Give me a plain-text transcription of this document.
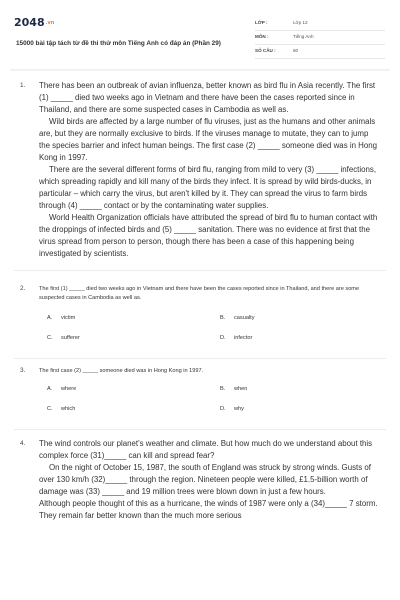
2048.vn
15000 bài tập tách từ đề thi thử môn Tiếng Anh có đáp án (Phần 29)
LỚP :	Lớp 12
MÔN :	Tiếng Anh
SỐ CÂU :	60
1. There has been an outbreak of avian influenza, better known as bird flu in Asia recently. The first (1) _____ died two weeks ago in Vietnam and there have been the cases reported since in Thailand, and there are some suspected cases in Cambodia as well as.

Wild birds are affected by a large number of flu viruses, just as the humans and other animals are, but they are normally exclusive to birds. If the viruses manage to mutate, they can to jump the species barrier and infect human beings. The first case (2) _____ someone died was in Hong Kong in 1997.

There are the several different forms of bird flu, ranging from mild to very (3) _____ infections, which spreading rapidly and kill many of the birds they infect. It is spread by wild birds-ducks, in particular – which carry the virus, but aren't killed by it. They can spread the virus to farm birds through (4) _____ contact or by the contaminating water supplies.

World Health Organization officials have attributed the spread of bird flu to human contact with the droppings of infected birds and (5) _____ sanitation. There was no evidence at first that the virus spread from person to person, though there has been a case of this happening being investigated by scientists.

2. The first (1) _____ died two weeks ago in Vietnam and there have been the cases reported since in Thailand, and there are some suspected cases in Cambodia as well as.
A. victim	B. casualty
C. sufferer	D. infector
3. The first case (2) _____ someone died was in Hong Kong in 1997.
A. where	B. when
C. which	D. why
4. The wind controls our planet's weather and climate. But how much do we understand about this complex force (31)_____ can kill and spread fear?

On the night of October 15, 1987, the south of England was struck by strong winds. Gusts of over 130 km/h (32)_____ through the region. Nineteen people were killed, £1.5-billion worth of damage was (33) _____ and 19 million trees were blown down in just a few hours.

Although people thought of this as a hurricane, the winds of 1987 were only a (34)_____ 7 storm. They remain far better known than the much more serious
